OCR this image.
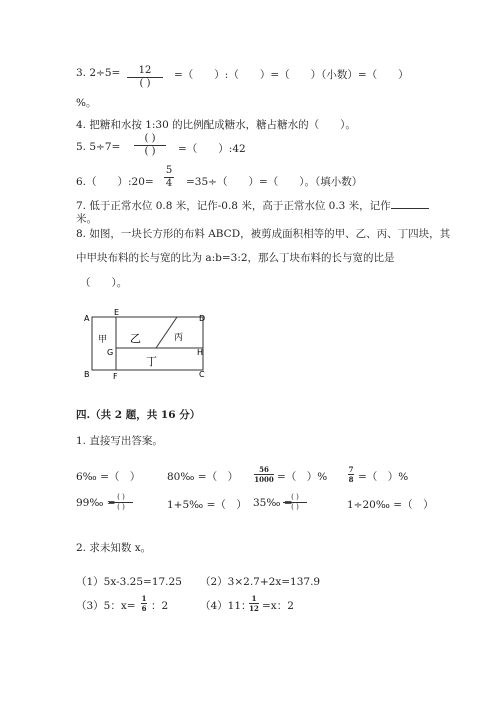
3. 2÷5= 12
( )
=（　　）:（　　）=（　　）（小数）=（　　）
%。
4. 把糖和水按 1:30 的比例配成糖水，糖占糖水的（　　）。
5. 5÷7=
( )
( ) =（　　）:42
6.（　　）:20=
5
4 =35÷（　　）=（　　）。（填小数）
7. 低于正常水位 0.8 米，记作-0.8 米，高于正常水位 0.3 米，记作
米。
8. 如图，一块长方形的布料 ABCD，被剪成面积相等的甲、乙、丙、丁四块，其
中甲块布料的长与宽的比为 a:b=3:2，那么丁块布料的长与宽的比是
（　　）。
A
E
D
G	H
B	F	C
甲 乙	丙
丁
四.（共 2 题，共 16 分）
1. 直接写出答案。
6‰ =（　）	80‰ =（　）
56
1000 =（　）%
7
8 =（　）%
99‰ = ( )
( )	1+5‰ =（　） 35‰ =
( )
( )	1÷20‰ =（　）
2. 求未知数 x。
（1）5x-3.25=17.25 （2）3×2.7+2x=137.9
（3）5：x=
1
6 ：2	（4）11：
1
12 =x：2
